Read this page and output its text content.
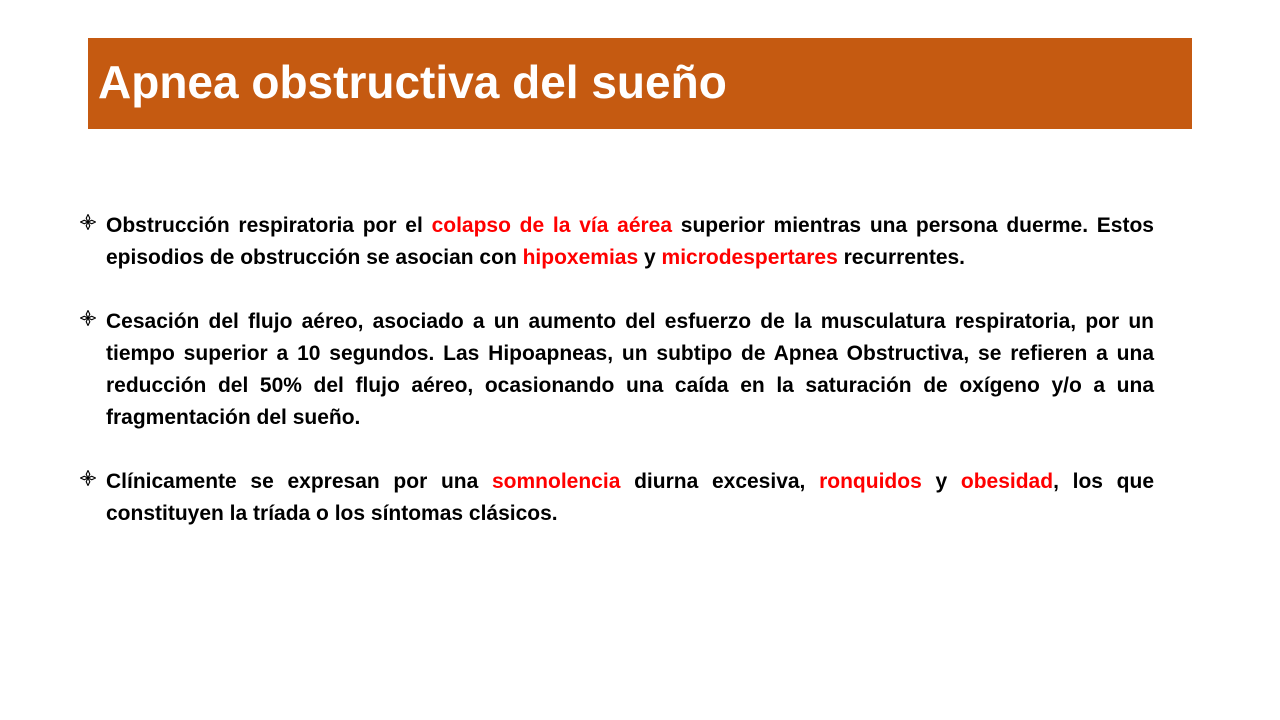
Apnea obstructiva del sueño
Obstrucción respiratoria por el colapso de la vía aérea superior mientras una persona duerme. Estos episodios de obstrucción se asocian con hipoxemias y microdespertares recurrentes.
Cesación del flujo aéreo, asociado a un aumento del esfuerzo de la musculatura respiratoria, por un tiempo superior a 10 segundos. Las Hipoapneas, un subtipo de Apnea Obstructiva, se refieren a una reducción del 50% del flujo aéreo, ocasionando una caída en la saturación de oxígeno y/o a una fragmentación del sueño.
Clínicamente se expresan por una somnolencia diurna excesiva, ronquidos y obesidad, los que constituyen la tríada o los síntomas clásicos.
